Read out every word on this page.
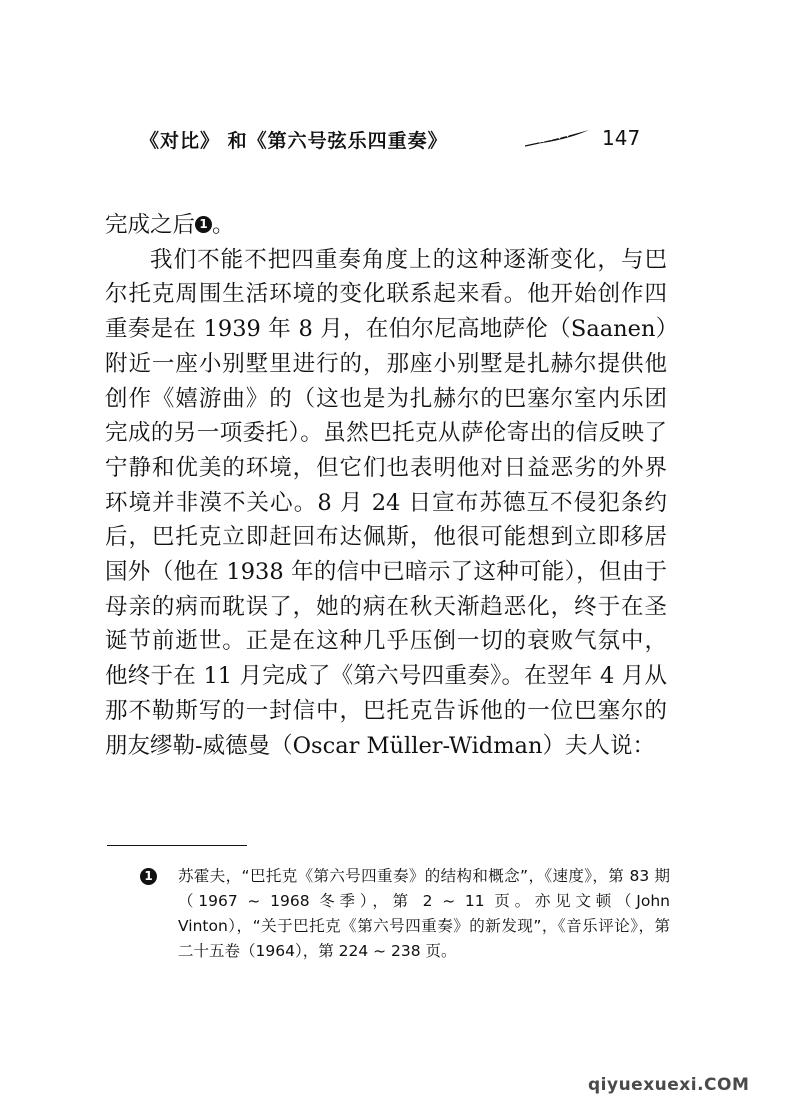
《对比》 和《第六号弦乐四重奏》	147

完成之后 1 。

我们不能不把四重奏角度上的这种逐渐变化，与巴尔托克周围生活环境的变化联系起来看。他开始创作四重奏是在 1939 年 8 月，在伯尔尼高地萨伦（Saanen）附近一座小别墅里进行的，那座小别墅是扎赫尔提供他创作《嬉游曲》的（这也是为扎赫尔的巴塞尔室内乐团完成的另一项委托）。虽然巴托克从萨伦寄出的信反映了宁静和优美的环境，但它们也表明他对日益恶劣的外界环境并非漠不关心。8 月 24 日宣布苏德互不侵犯条约后，巴托克立即赶回布达佩斯，他很可能想到立即移居国外（他在 1938 年的信中已暗示了这种可能），但由于母亲的病而耽误了，她的病在秋天渐趋恶化，终于在圣诞节前逝世。正是在这种几乎压倒一切的衰败气氛中，他终于在 11 月完成了《第六号四重奏》。在翌年 4 月从那不勒斯写的一封信中，巴托克告诉他的一位巴塞尔的朋友缪勒-威德曼（Oscar Müller-Widman）夫人说：

1 苏霍夫，“巴托克《第六号四重奏》的结构和概念”，《速度》，第 83 期（1967 ~ 1968 冬季），第 2 ~ 11 页。亦见文顿（John Vinton），“关于巴托克《第六号四重奏》的新发现”，《音乐评论》，第二十五卷（1964），第 224 ~ 238 页。
qiyuexuexi.COM
